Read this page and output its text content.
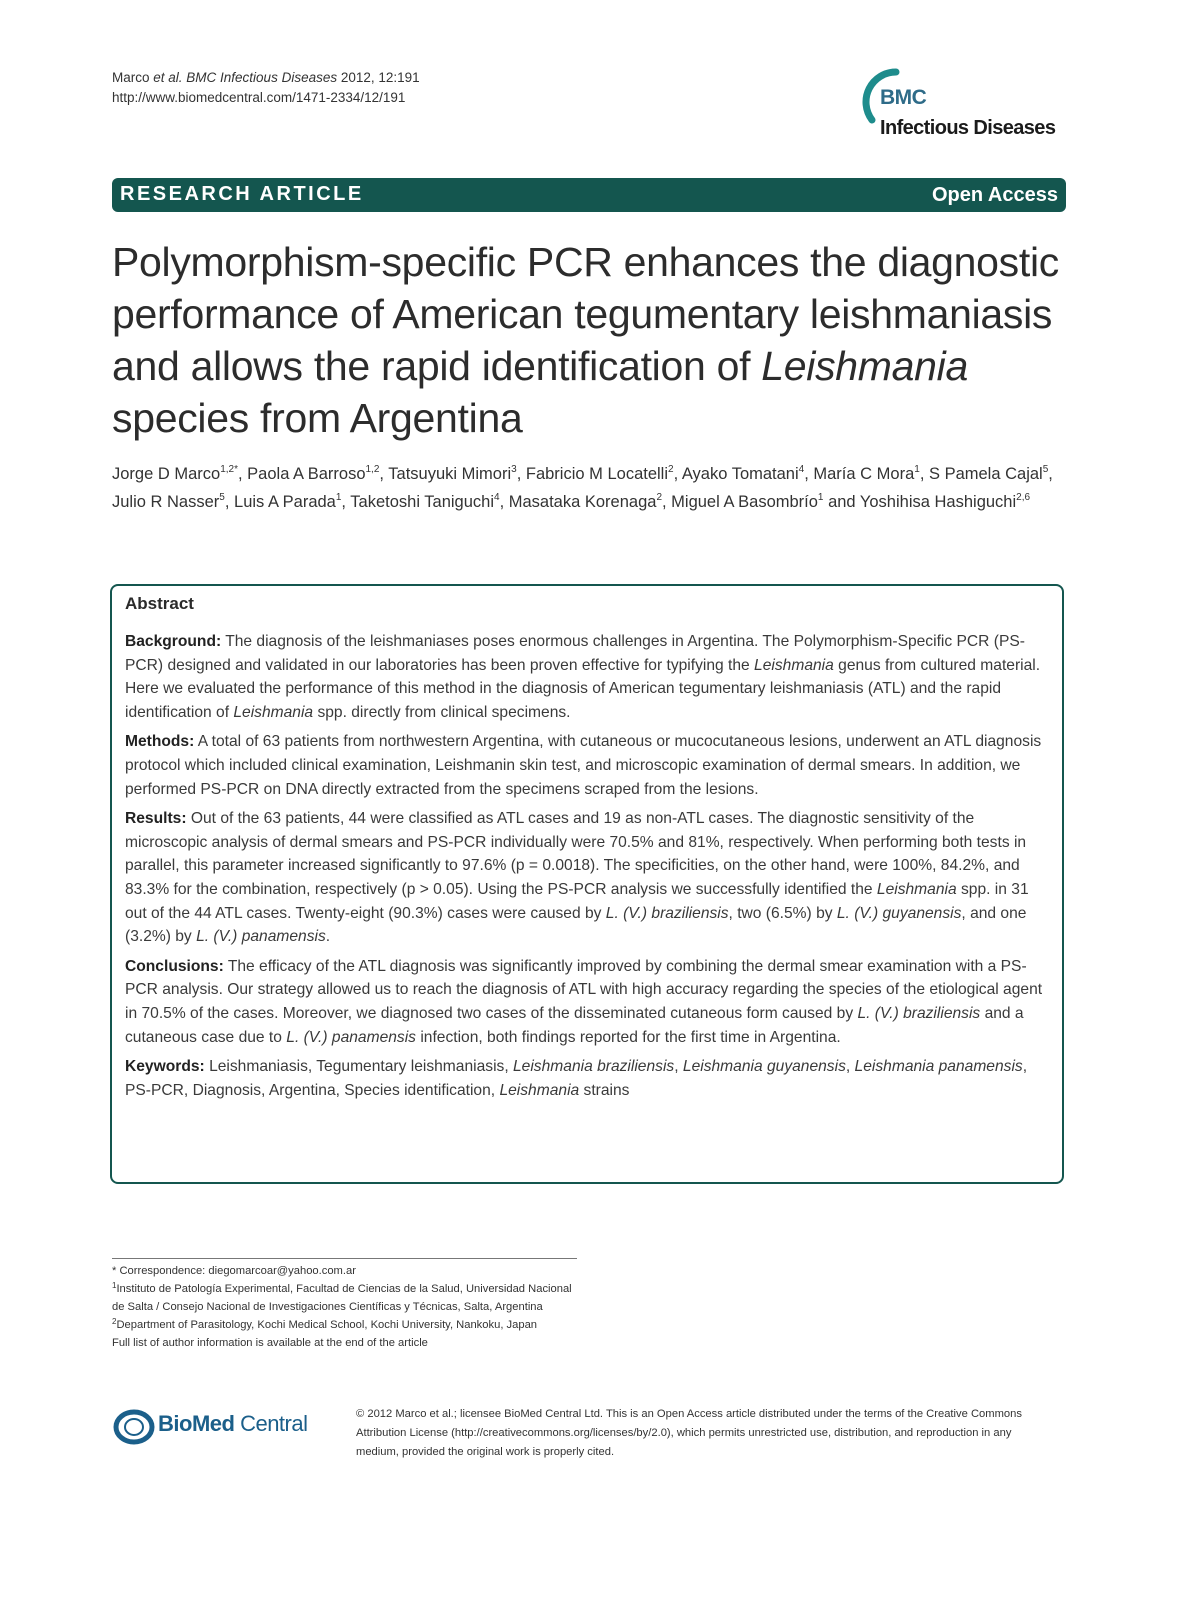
Marco et al. BMC Infectious Diseases 2012, 12:191
http://www.biomedcentral.com/1471-2334/12/191	BMC
Infectious Diseases
RESEARCH ARTICLE	Open Access
Polymorphism-specific PCR enhances the diagnostic performance of American tegumentary leishmaniasis and allows the rapid identification of Leishmania species from Argentina
Jorge D Marco$^{1,2*}$, Paola A Barroso$^{1,2}$, Tatsuyuki Mimori$^3$, Fabricio M Locatelli$^2$, Ayako Tomatani$^4$, María C Mora$^1$, S Pamela Cajal$^5$, Julio R Nasser$^5$, Luis A Parada$^1$, Taketoshi Taniguchi$^4$, Masataka Korenaga$^2$, Miguel A Basombrío$^1$ and Yoshihisa Hashiguchi$^{2,6}$
Abstract

Background: The diagnosis of the leishmaniases poses enormous challenges in Argentina. The Polymorphism-Specific PCR (PS-PCR) designed and validated in our laboratories has been proven effective for typifying the Leishmania genus from cultured material. Here we evaluated the performance of this method in the diagnosis of American tegumentary leishmaniasis (ATL) and the rapid identification of Leishmania spp. directly from clinical specimens.

Methods: A total of 63 patients from northwestern Argentina, with cutaneous or mucocutaneous lesions, underwent an ATL diagnosis protocol which included clinical examination, Leishmanin skin test, and microscopic examination of dermal smears. In addition, we performed PS-PCR on DNA directly extracted from the specimens scraped from the lesions.

Results: Out of the 63 patients, 44 were classified as ATL cases and 19 as non-ATL cases. The diagnostic sensitivity of the microscopic analysis of dermal smears and PS-PCR individually were 70.5% and 81%, respectively. When performing both tests in parallel, this parameter increased significantly to 97.6% (p = 0.0018). The specificities, on the other hand, were 100%, 84.2%, and 83.3% for the combination, respectively (p > 0.05). Using the PS-PCR analysis we successfully identified the Leishmania spp. in 31 out of the 44 ATL cases. Twenty-eight (90.3%) cases were caused by L. (V.) braziliensis, two (6.5%) by L. (V.) guyanensis, and one (3.2%) by L. (V.) panamensis.

Conclusions: The efficacy of the ATL diagnosis was significantly improved by combining the dermal smear examination with a PS-PCR analysis. Our strategy allowed us to reach the diagnosis of ATL with high accuracy regarding the species of the etiological agent in 70.5% of the cases. Moreover, we diagnosed two cases of the disseminated cutaneous form caused by L. (V.) braziliensis and a cutaneous case due to L. (V.) panamensis infection, both findings reported for the first time in Argentina.

Keywords: Leishmaniasis, Tegumentary leishmaniasis, Leishmania braziliensis, Leishmania guyanensis, Leishmania panamensis, PS-PCR, Diagnosis, Argentina, Species identification, Leishmania strains

* Correspondence: diegomarcoar@yahoo.com.ar

$^1$Instituto de Patología Experimental, Facultad de Ciencias de la Salud, Universidad Nacional de Salta / Consejo Nacional de Investigaciones Científicas y Técnicas, Salta, Argentina

$^2$Department of Parasitology, Kochi Medical School, Kochi University, Nankoku, Japan

Full list of author information is available at the end of the article

BioMed Central	© 2012 Marco et al.; licensee BioMed Central Ltd. This is an Open Access article distributed under the terms of the Creative Commons Attribution License (http://creativecommons.org/licenses/by/2.0), which permits unrestricted use, distribution, and reproduction in any medium, provided the original work is properly cited.
